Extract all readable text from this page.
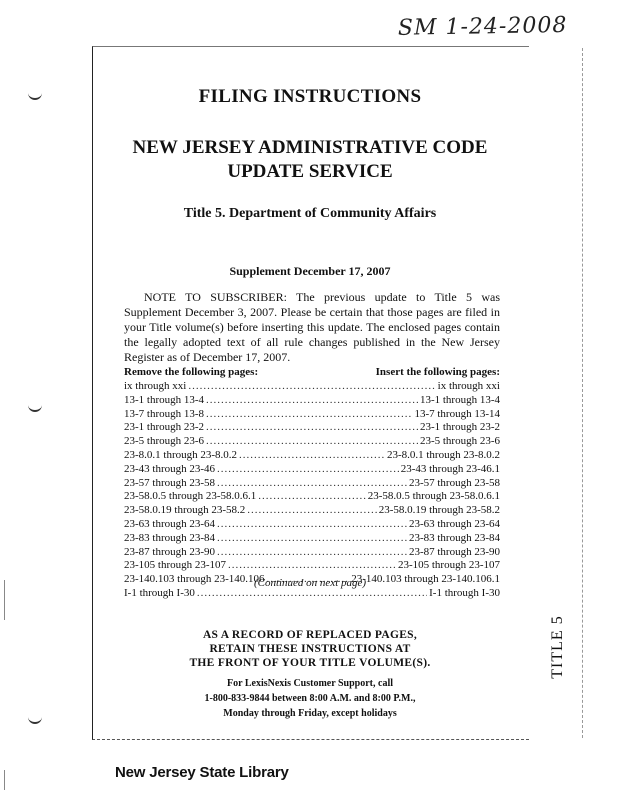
SM 1-24-2008
FILING INSTRUCTIONS
NEW JERSEY ADMINISTRATIVE CODE
UPDATE SERVICE
Title 5. Department of Community Affairs
Supplement December 17, 2007
NOTE TO SUBSCRIBER: The previous update to Title 5 was Supplement December 3, 2007. Please be certain that those pages are filed in your Title volume(s) before inserting this update. The enclosed pages contain the legally adopted text of all rule changes published in the New Jersey Register as of December 17, 2007.
Remove the following pages:	Insert the following pages:
ix through xxi .....	ix through xxi
13-1 through 13-4 .....	13-1 through 13-4
13-7 through 13-8 .....	13-7 through 13-14
23-1 through 23-2 .....	23-1 through 23-2
23-5 through 23-6 .....	23-5 through 23-6
23-8.0.1 through 23-8.0.2 .....	23-8.0.1 through 23-8.0.2
23-43 through 23-46 .....	23-43 through 23-46.1
23-57 through 23-58 .....	23-57 through 23-58
23-58.0.5 through 23-58.0.6.1 .....	23-58.0.5 through 23-58.0.6.1
23-58.0.19 through 23-58.2 .....	23-58.0.19 through 23-58.2
23-63 through 23-64 .....	23-63 through 23-64
23-83 through 23-84 .....	23-83 through 23-84
23-87 through 23-90 .....	23-87 through 23-90
23-105 through 23-107 .....	23-105 through 23-107
23-140.103 through 23-140.106 .....	23-140.103 through 23-140.106.1
I-1 through I-30 .....	I-1 through I-30
(Continued on next page)
AS A RECORD OF REPLACED PAGES,
RETAIN THESE INSTRUCTIONS AT
THE FRONT OF YOUR TITLE VOLUME(S).
For LexisNexis Customer Support, call
1-800-833-9844 between 8:00 A.M. and 8:00 P.M.,
Monday through Friday, except holidays
TITLE 5
New Jersey State Library
